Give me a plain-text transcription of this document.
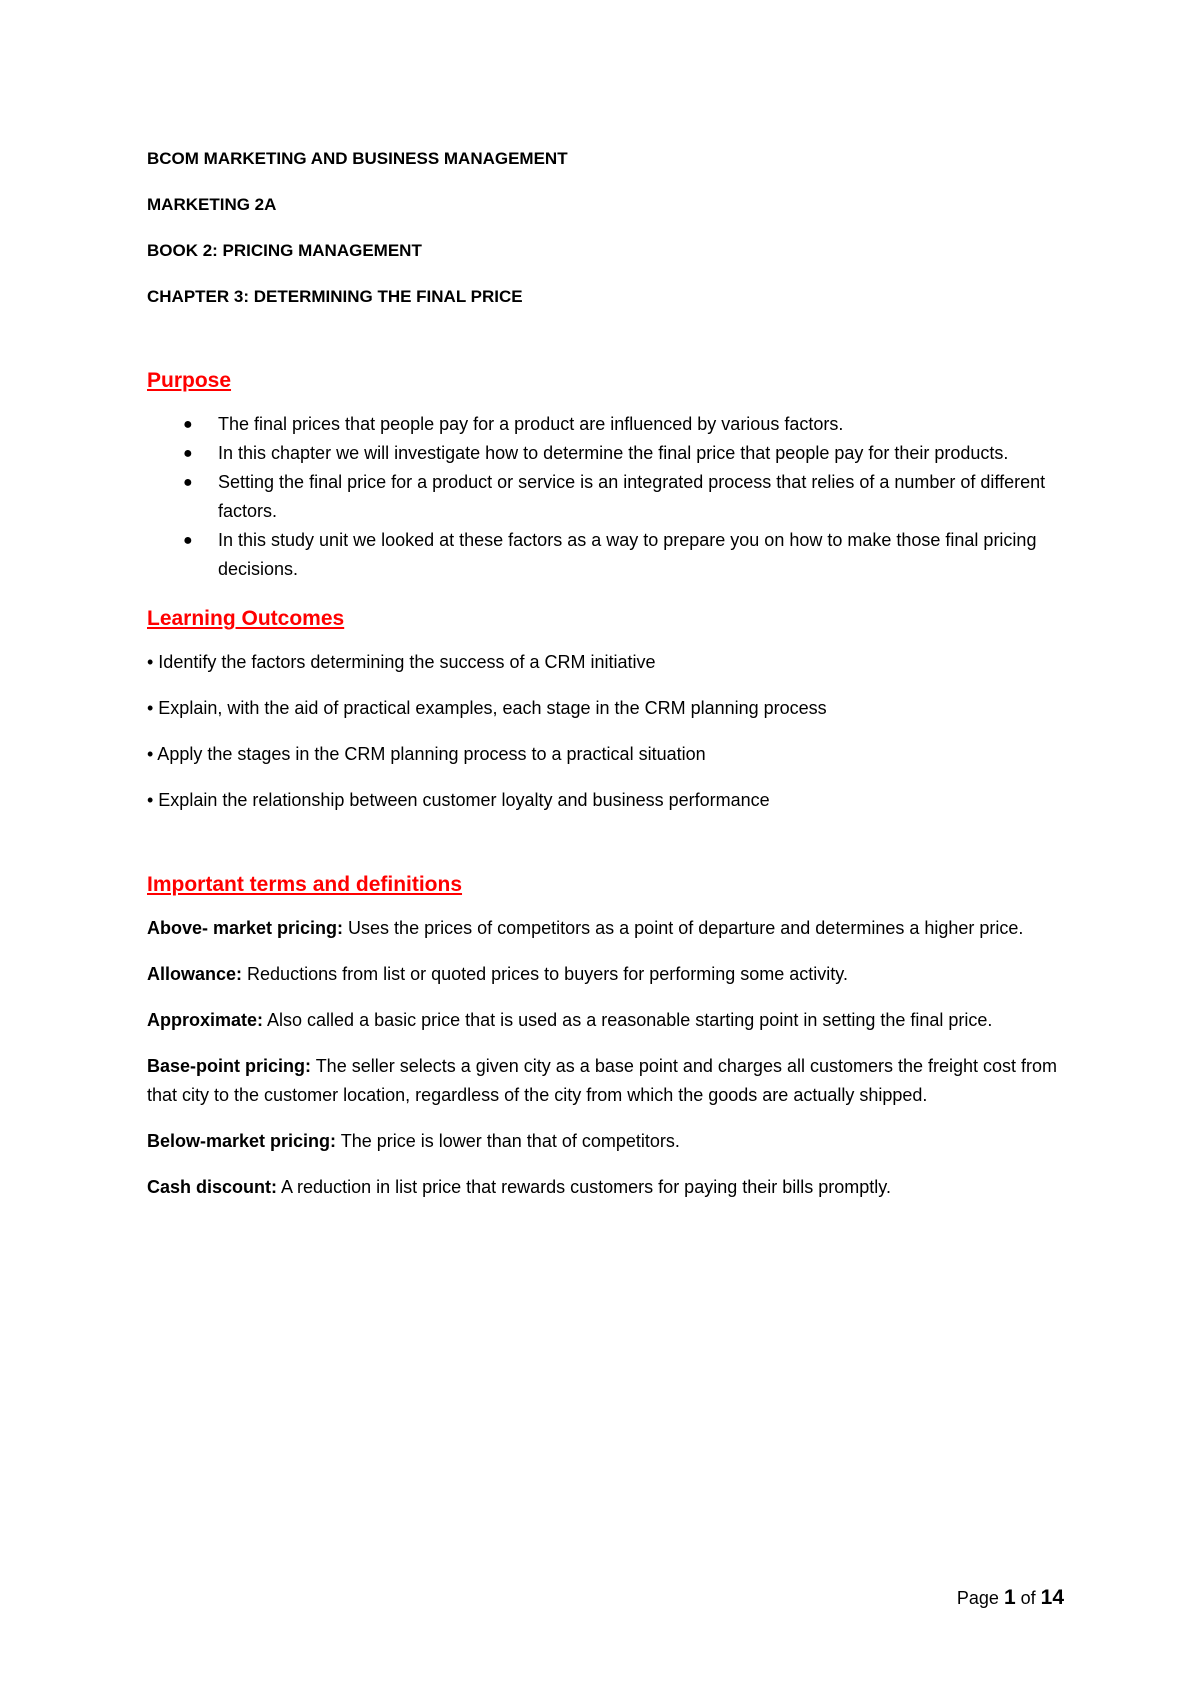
BCOM MARKETING AND BUSINESS MANAGEMENT
MARKETING 2A
BOOK 2: PRICING MANAGEMENT
CHAPTER 3: DETERMINING THE FINAL PRICE
Purpose
● The final prices that people pay for a product are influenced by various factors.
● In this chapter we will investigate how to determine the final price that people pay for their products.
● Setting the final price for a product or service is an integrated process that relies of a number of different factors.
● In this study unit we looked at these factors as a way to prepare you on how to make those final pricing decisions.
Learning Outcomes
• Identify the factors determining the success of a CRM initiative
• Explain, with the aid of practical examples, each stage in the CRM planning process
• Apply the stages in the CRM planning process to a practical situation
• Explain the relationship between customer loyalty and business performance
Important terms and definitions

Above- market pricing: Uses the prices of competitors as a point of departure and determines a higher price.

Allowance: Reductions from list or quoted prices to buyers for performing some activity.

Approximate: Also called a basic price that is used as a reasonable starting point in setting the final price.

Base-point pricing: The seller selects a given city as a base point and charges all customers the freight cost from that city to the customer location, regardless of the city from which the goods are actually shipped.

Below-market pricing: The price is lower than that of competitors.

Cash discount: A reduction in list price that rewards customers for paying their bills promptly.

Page 1 of 14
